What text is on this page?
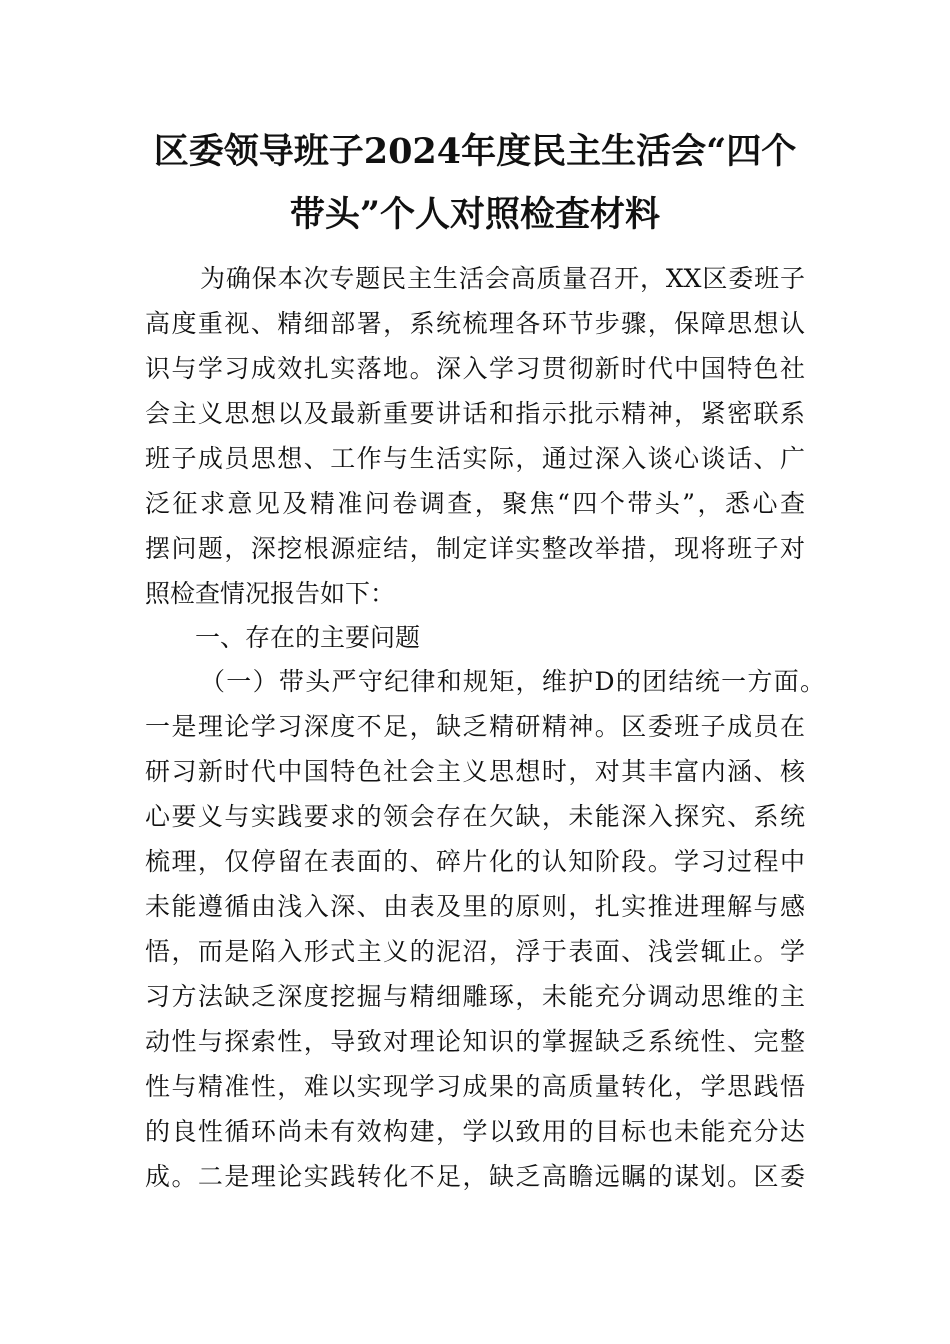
区委领导班子2024年度民主生活会“四个
带头”个人对照检查材料
为确保本次专题民主生活会高质量召开，XX区委班子
高度重视、精细部署，系统梳理各环节步骤，保障思想认
识与学习成效扎实落地。深入学习贯彻新时代中国特色社
会主义思想以及最新重要讲话和指示批示精神，紧密联系
班子成员思想、工作与生活实际，通过深入谈心谈话、广
泛征求意见及精准问卷调查，聚焦“四个带头”，悉心查
摆问题，深挖根源症结，制定详实整改举措，现将班子对
照检查情况报告如下：
一、存在的主要问题
（一）带头严守纪律和规矩，维护D的团结统一方面。
一是理论学习深度不足，缺乏精研精神。区委班子成员在
研习新时代中国特色社会主义思想时，对其丰富内涵、核
心要义与实践要求的领会存在欠缺，未能深入探究、系统
梳理，仅停留在表面的、碎片化的认知阶段。学习过程中
未能遵循由浅入深、由表及里的原则，扎实推进理解与感
悟，而是陷入形式主义的泥沼，浮于表面、浅尝辄止。学
习方法缺乏深度挖掘与精细雕琢，未能充分调动思维的主
动性与探索性，导致对理论知识的掌握缺乏系统性、完整
性与精准性，难以实现学习成果的高质量转化，学思践悟
的良性循环尚未有效构建，学以致用的目标也未能充分达
成。二是理论实践转化不足，缺乏高瞻远瞩的谋划。区委
